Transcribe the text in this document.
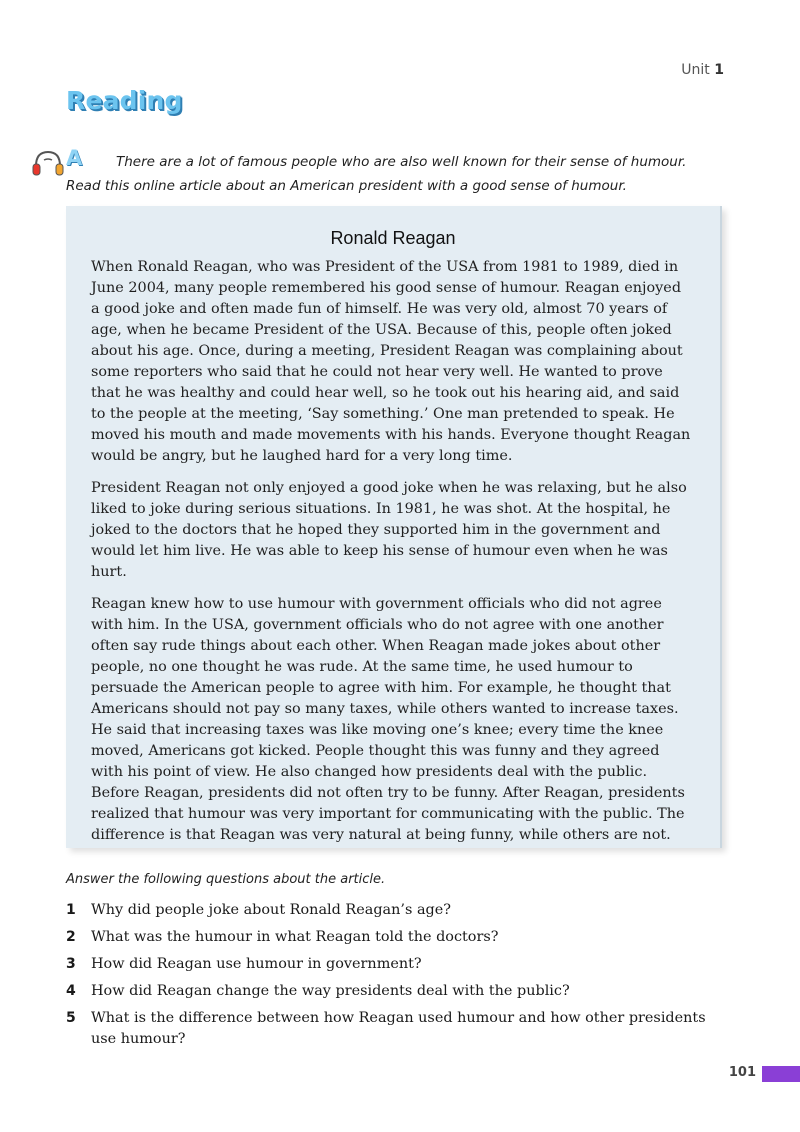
Unit 1
Reading
A	There are a lot of famous people who are also well known for their sense of humour. Read this online article about an American president with a good sense of humour.
Ronald Reagan

When Ronald Reagan, who was President of the USA from 1981 to 1989, died in June 2004, many people remembered his good sense of humour. Reagan enjoyed a good joke and often made fun of himself. He was very old, almost 70 years of age, when he became President of the USA. Because of this, people often joked about his age. Once, during a meeting, President Reagan was complaining about some reporters who said that he could not hear very well. He wanted to prove that he was healthy and could hear well, so he took out his hearing aid, and said to the people at the meeting, ‘Say something.’ One man pretended to speak. He moved his mouth and made movements with his hands. Everyone thought Reagan would be angry, but he laughed hard for a very long time.

President Reagan not only enjoyed a good joke when he was relaxing, but he also liked to joke during serious situations. In 1981, he was shot. At the hospital, he joked to the doctors that he hoped they supported him in the government and would let him live. He was able to keep his sense of humour even when he was hurt.

Reagan knew how to use humour with government officials who did not agree with him. In the USA, government officials who do not agree with one another often say rude things about each other. When Reagan made jokes about other people, no one thought he was rude. At the same time, he used humour to persuade the American people to agree with him. For example, he thought that Americans should not pay so many taxes, while others wanted to increase taxes. He said that increasing taxes was like moving one’s knee; every time the knee moved, Americans got kicked. People thought this was funny and they agreed with his point of view. He also changed how presidents deal with the public. Before Reagan, presidents did not often try to be funny. After Reagan, presidents realized that humour was very important for communicating with the public. The difference is that Reagan was very natural at being funny, while others are not.

Answer the following questions about the article.
1	Why did people joke about Ronald Reagan’s age?
2	What was the humour in what Reagan told the doctors?
3	How did Reagan use humour in government?
4	How did Reagan change the way presidents deal with the public?
5	What is the difference between how Reagan used humour and how other presidents use humour?
101
